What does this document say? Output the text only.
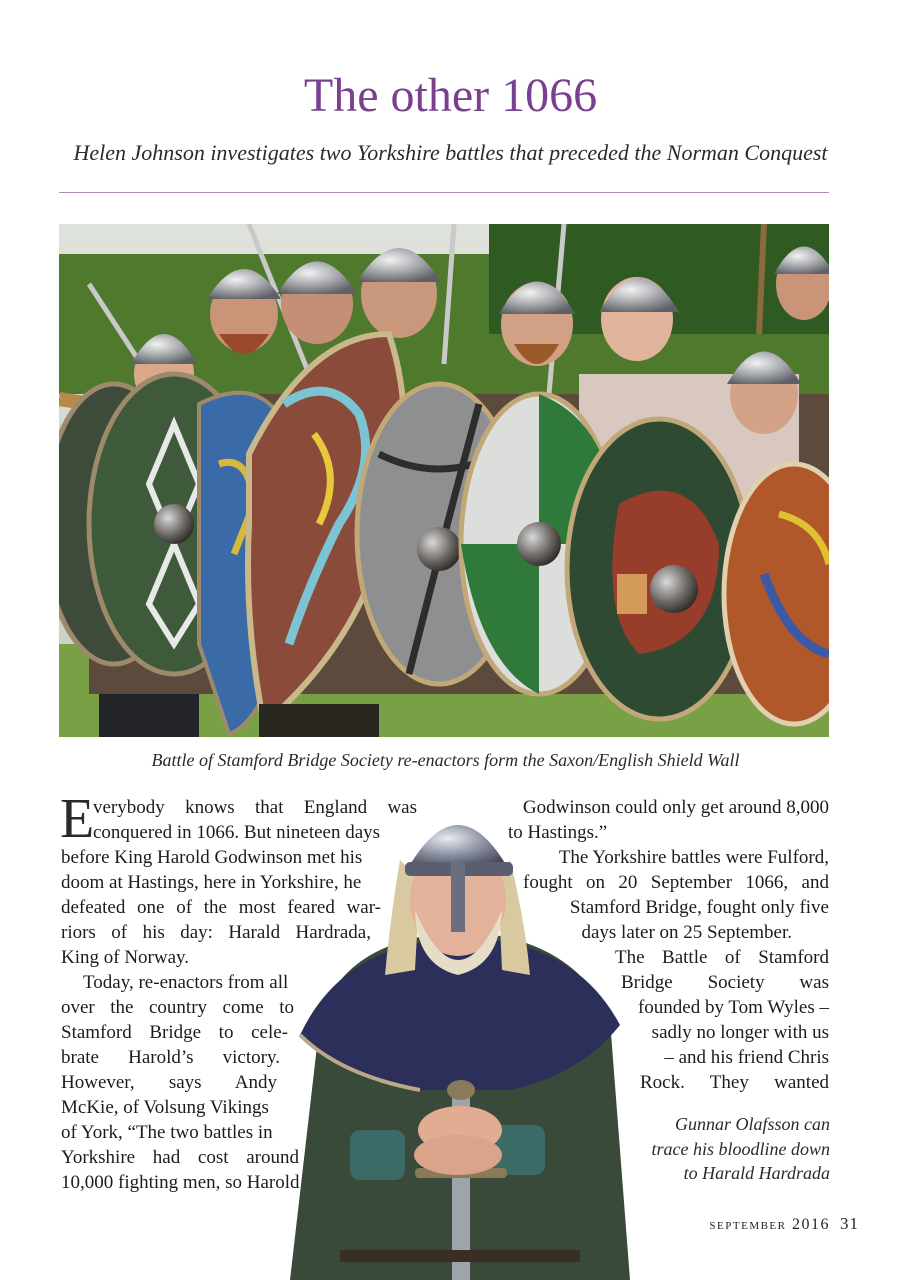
The other 1066
Helen Johnson investigates two Yorkshire battles that preceded the Norman Conquest
Battle of Stamford Bridge Society re-enactors form the Saxon/English Shield Wall
E
verybody knows that England was
conquered in 1066. But nineteen days
before King Harold Godwinson met his
doom at Hastings, here in Yorkshire, he
defeated one of the most feared war-
riors of his day: Harald Hardrada,
King of Norway.
Today, re-enactors from all
over the country come to
Stamford Bridge to cele-
brate Harold’s victory.
However, says Andy
McKie, of Volsung Vikings
of York, “The two battles in
Yorkshire had cost around
10,000 fighting men, so Harold
Godwinson could only get around 8,000
to Hastings.”
The Yorkshire battles were Fulford,
fought on 20 September 1066, and
Stamford Bridge, fought only five
days later on 25 September.
The Battle of Stamford
Bridge Society was
founded by Tom Wyles –
sadly no longer with us
– and his friend Chris
Rock. They wanted
Gunnar Olafsson can
trace his bloodline down
to Harald Hardrada
september 2016 31
